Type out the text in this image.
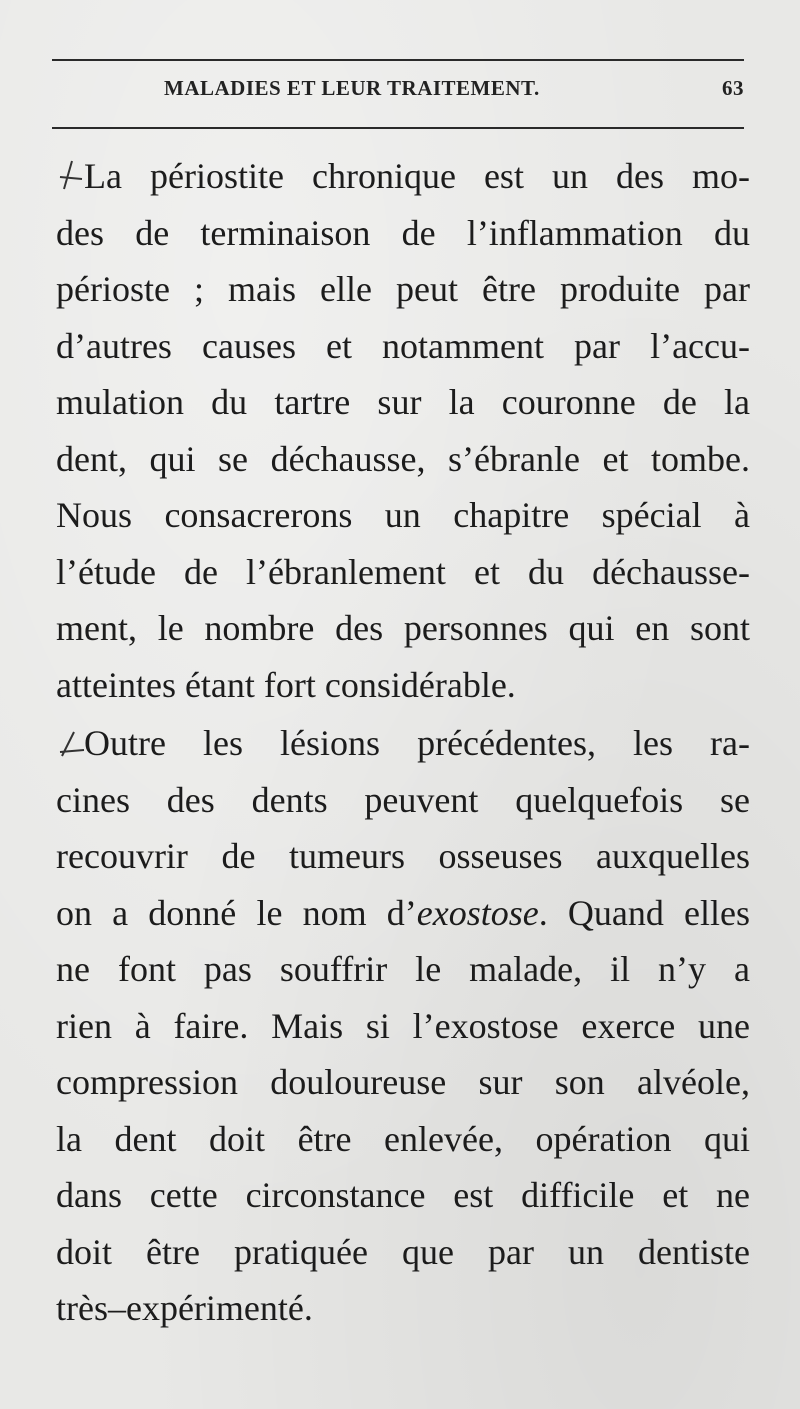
MALADIES ET LEUR TRAITEMENT.	63
La périostite chronique est un des mo-
des de terminaison de l’inflammation du
périoste ; mais elle peut être produite par
d’autres causes et notamment par l’accu-
mulation du tartre sur la couronne de la
dent, qui se déchausse, s’ébranle et tombe.
Nous consacrerons un chapitre spécial à
l’étude de l’ébranlement et du déchausse-
ment, le nombre des personnes qui en sont
atteintes étant fort considérable.
Outre les lésions précédentes, les ra-
cines des dents peuvent quelquefois se
recouvrir de tumeurs osseuses auxquelles
on a donné le nom d’exostose. Quand elles
ne font pas souffrir le malade, il n’y a
rien à faire. Mais si l’exostose exerce une
compression douloureuse sur son alvéole,
la dent doit être enlevée, opération qui
dans cette circonstance est difficile et ne
doit être pratiquée que par un dentiste
très–expérimenté.
